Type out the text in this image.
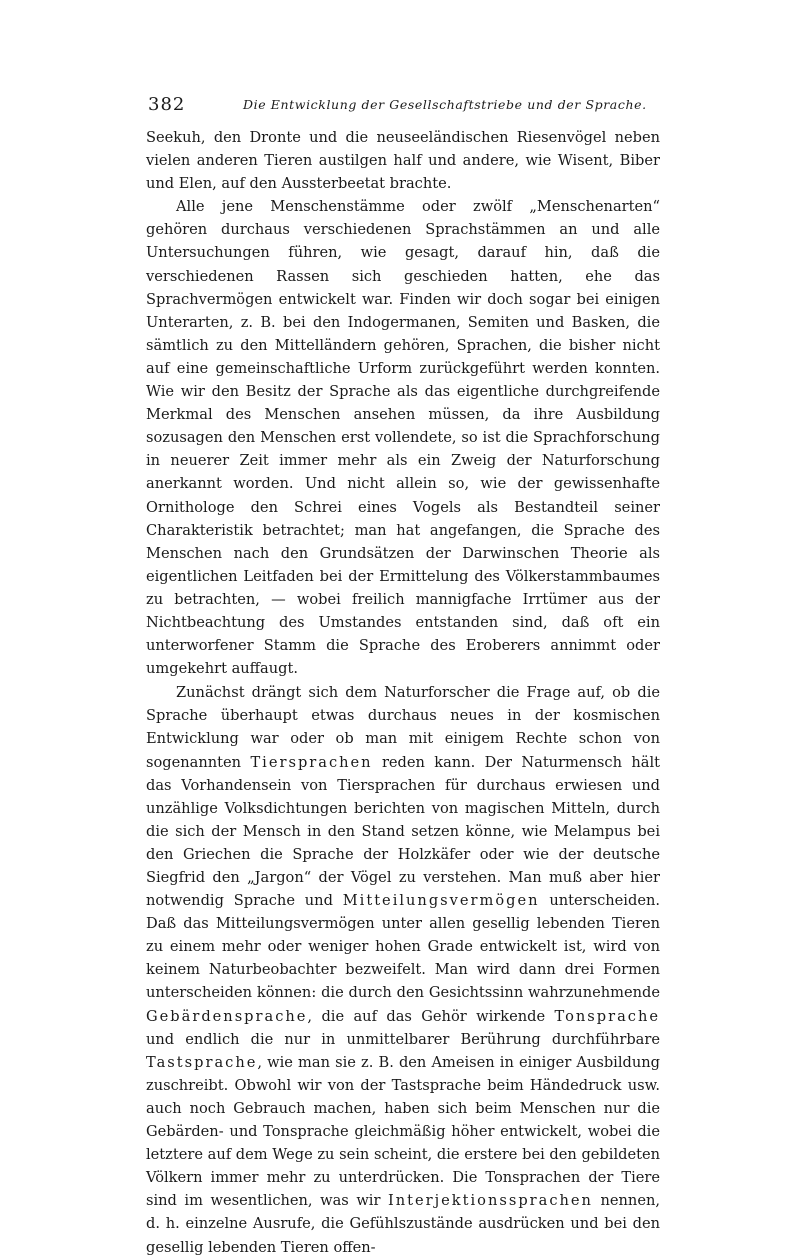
382	Die Entwicklung der Gesellschaftstriebe und der Sprache.

Seekuh, den Dronte und die neuseeländischen Riesenvögel neben vielen anderen Tieren austilgen half und andere, wie Wisent, Biber und Elen, auf den Aussterbeetat brachte.

Alle jene Menschenstämme oder zwölf „Menschenarten“ gehören durchaus verschiedenen Sprachstämmen an und alle Untersuchungen führen, wie gesagt, darauf hin, daß die verschiedenen Rassen sich geschieden hatten, ehe das Sprachvermögen entwickelt war. Finden wir doch sogar bei einigen Unterarten, z. B. bei den Indogermanen, Semiten und Basken, die sämtlich zu den Mittelländern gehören, Sprachen, die bisher nicht auf eine gemeinschaftliche Urform zurückgeführt werden konnten. Wie wir den Besitz der Sprache als das eigentliche durchgreifende Merkmal des Menschen ansehen müssen, da ihre Ausbildung sozusagen den Menschen erst vollendete, so ist die Sprachforschung in neuerer Zeit immer mehr als ein Zweig der Naturforschung anerkannt worden. Und nicht allein so, wie der gewissenhafte Ornithologe den Schrei eines Vogels als Bestandteil seiner Charakteristik betrachtet; man hat angefangen, die Sprache des Menschen nach den Grundsätzen der Darwinschen Theorie als eigentlichen Leitfaden bei der Ermittelung des Völkerstammbaumes zu betrachten, — wobei freilich mannigfache Irrtümer aus der Nichtbeachtung des Umstandes entstanden sind, daß oft ein unterworfener Stamm die Sprache des Eroberers annimmt oder umgekehrt auffaugt.

Zunächst drängt sich dem Naturforscher die Frage auf, ob die Sprache überhaupt etwas durchaus neues in der kosmischen Entwicklung war oder ob man mit einigem Rechte schon von sogenannten Tiersprachen reden kann. Der Naturmensch hält das Vorhandensein von Tiersprachen für durchaus erwiesen und unzählige Volksdichtungen berichten von magischen Mitteln, durch die sich der Mensch in den Stand setzen könne, wie Melampus bei den Griechen die Sprache der Holzkäfer oder wie der deutsche Siegfrid den „Jargon“ der Vögel zu verstehen. Man muß aber hier notwendig Sprache und Mitteilungsvermögen unterscheiden. Daß das Mitteilungsvermögen unter allen gesellig lebenden Tieren zu einem mehr oder weniger hohen Grade entwickelt ist, wird von keinem Naturbeobachter bezweifelt. Man wird dann drei Formen unterscheiden können: die durch den Gesichtssinn wahrzunehmende Gebärdensprache, die auf das Gehör wirkende Tonsprache und endlich die nur in unmittelbarer Berührung durchführbare Tastsprache, wie man sie z. B. den Ameisen in einiger Ausbildung zuschreibt. Obwohl wir von der Tastsprache beim Händedruck usw. auch noch Gebrauch machen, haben sich beim Menschen nur die Gebärden- und Tonsprache gleichmäßig höher entwickelt, wobei die letztere auf dem Wege zu sein scheint, die erstere bei den gebildeten Völkern immer mehr zu unterdrücken. Die Tonsprachen der Tiere sind im wesentlichen, was wir Interjektionssprachen nennen, d. h. einzelne Ausrufe, die Gefühlszustände ausdrücken und bei den gesellig lebenden Tieren offen-
